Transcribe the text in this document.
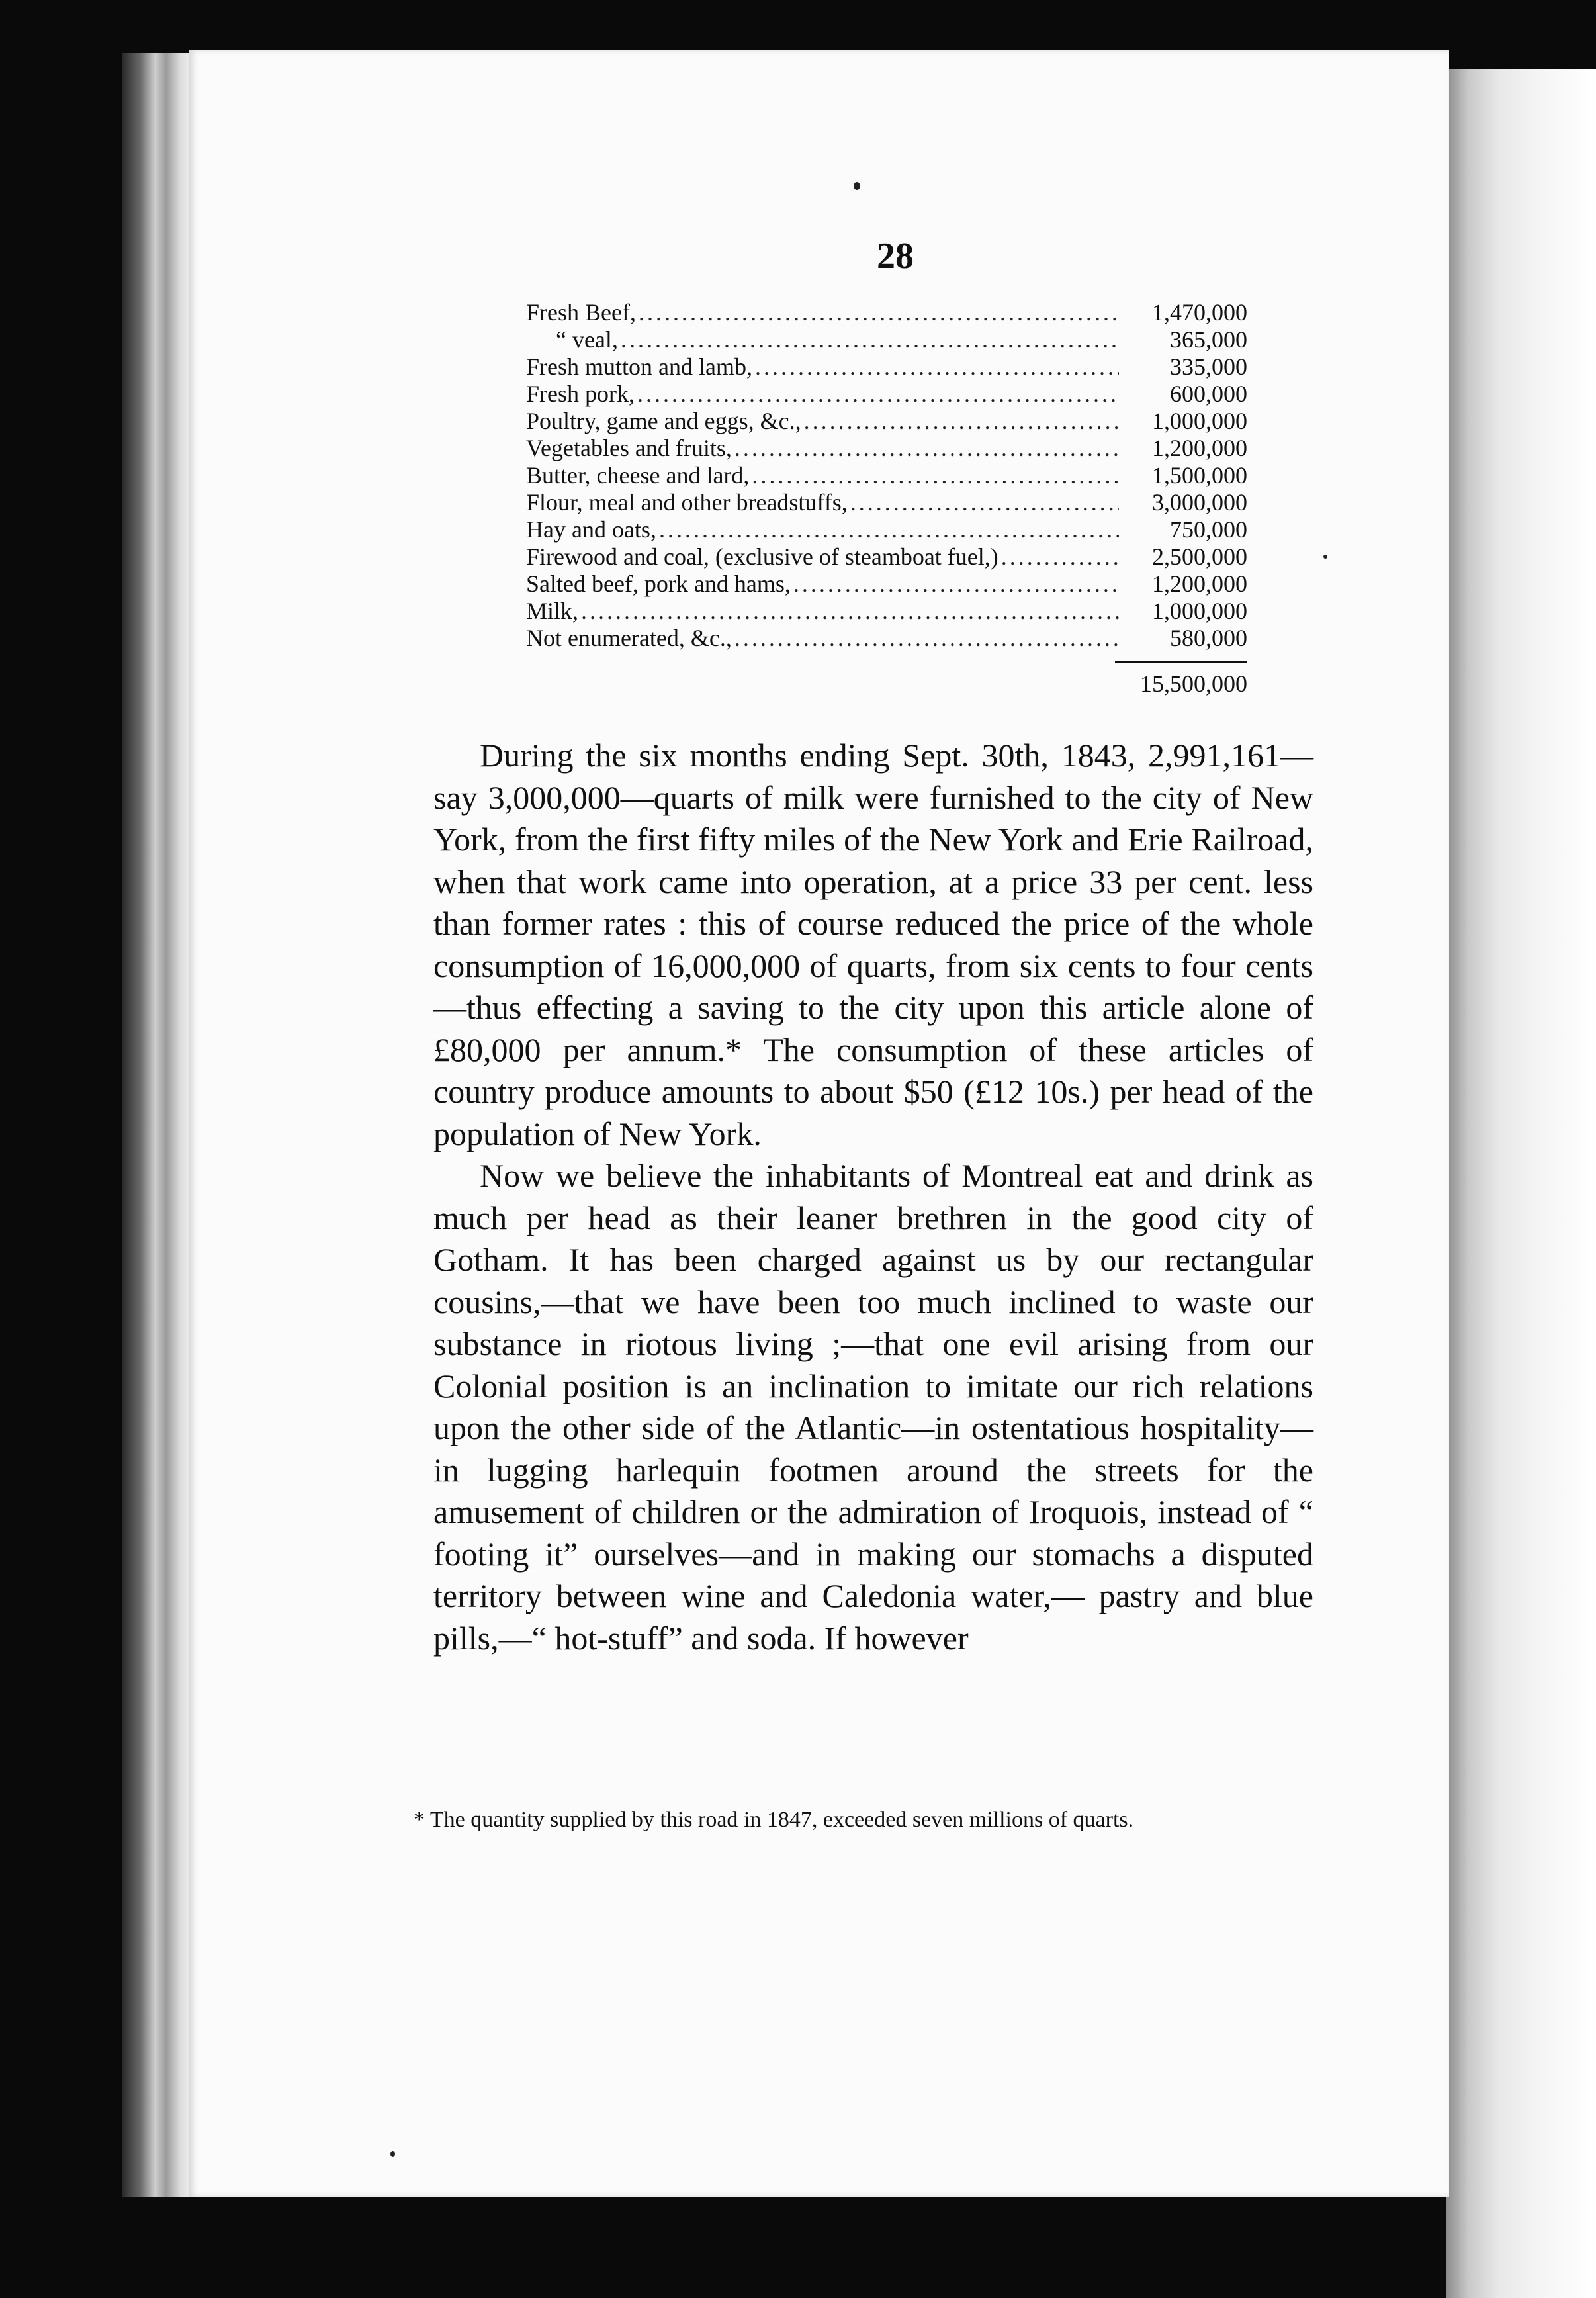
28
Fresh Beef, .....	1,470,000
“ veal, .....	365,000
Fresh mutton and lamb, .....	335,000
Fresh pork, .....	600,000
Poultry, game and eggs, &c., .....	1,000,000
Vegetables and fruits, .....	1,200,000
Butter, cheese and lard, .....	1,500,000
Flour, meal and other breadstuffs, .....	3,000,000
Hay and oats, .....	750,000
Firewood and coal, (exclusive of steamboat fuel,) .....	2,500,000
Salted beef, pork and hams, .....	1,200,000
Milk, .....	1,000,000
Not enumerated, &c., .....	580,000
15,500,000

During the six months ending Sept. 30th, 1843, 2,991,161—say 3,000,000—quarts of milk were furnished to the city of New York, from the first fifty miles of the New York and Erie Railroad, when that work came into operation, at a price 33 per cent. less than former rates : this of course reduced the price of the whole consumption of 16,000,000 of quarts, from six cents to four cents —thus effecting a saving to the city upon this article alone of £80,000 per annum.* The consumption of these articles of country produce amounts to about $50 (£12 10s.) per head of the population of New York.

Now we believe the inhabitants of Montreal eat and drink as much per head as their leaner brethren in the good city of Gotham. It has been charged against us by our rectangular cousins,—that we have been too much inclined to waste our substance in riotous living ;—that one evil arising from our Colonial position is an inclination to imitate our rich relations upon the other side of the Atlantic—in ostentatious hospitality—in lugging harlequin footmen around the streets for the amusement of children or the admiration of Iroquois, instead of “ footing it” ourselves—and in making our stomachs a disputed territory between wine and Caledonia water,— pastry and blue pills,—“ hot-stuff” and soda. If however

* The quantity supplied by this road in 1847, exceeded seven millions of quarts.
